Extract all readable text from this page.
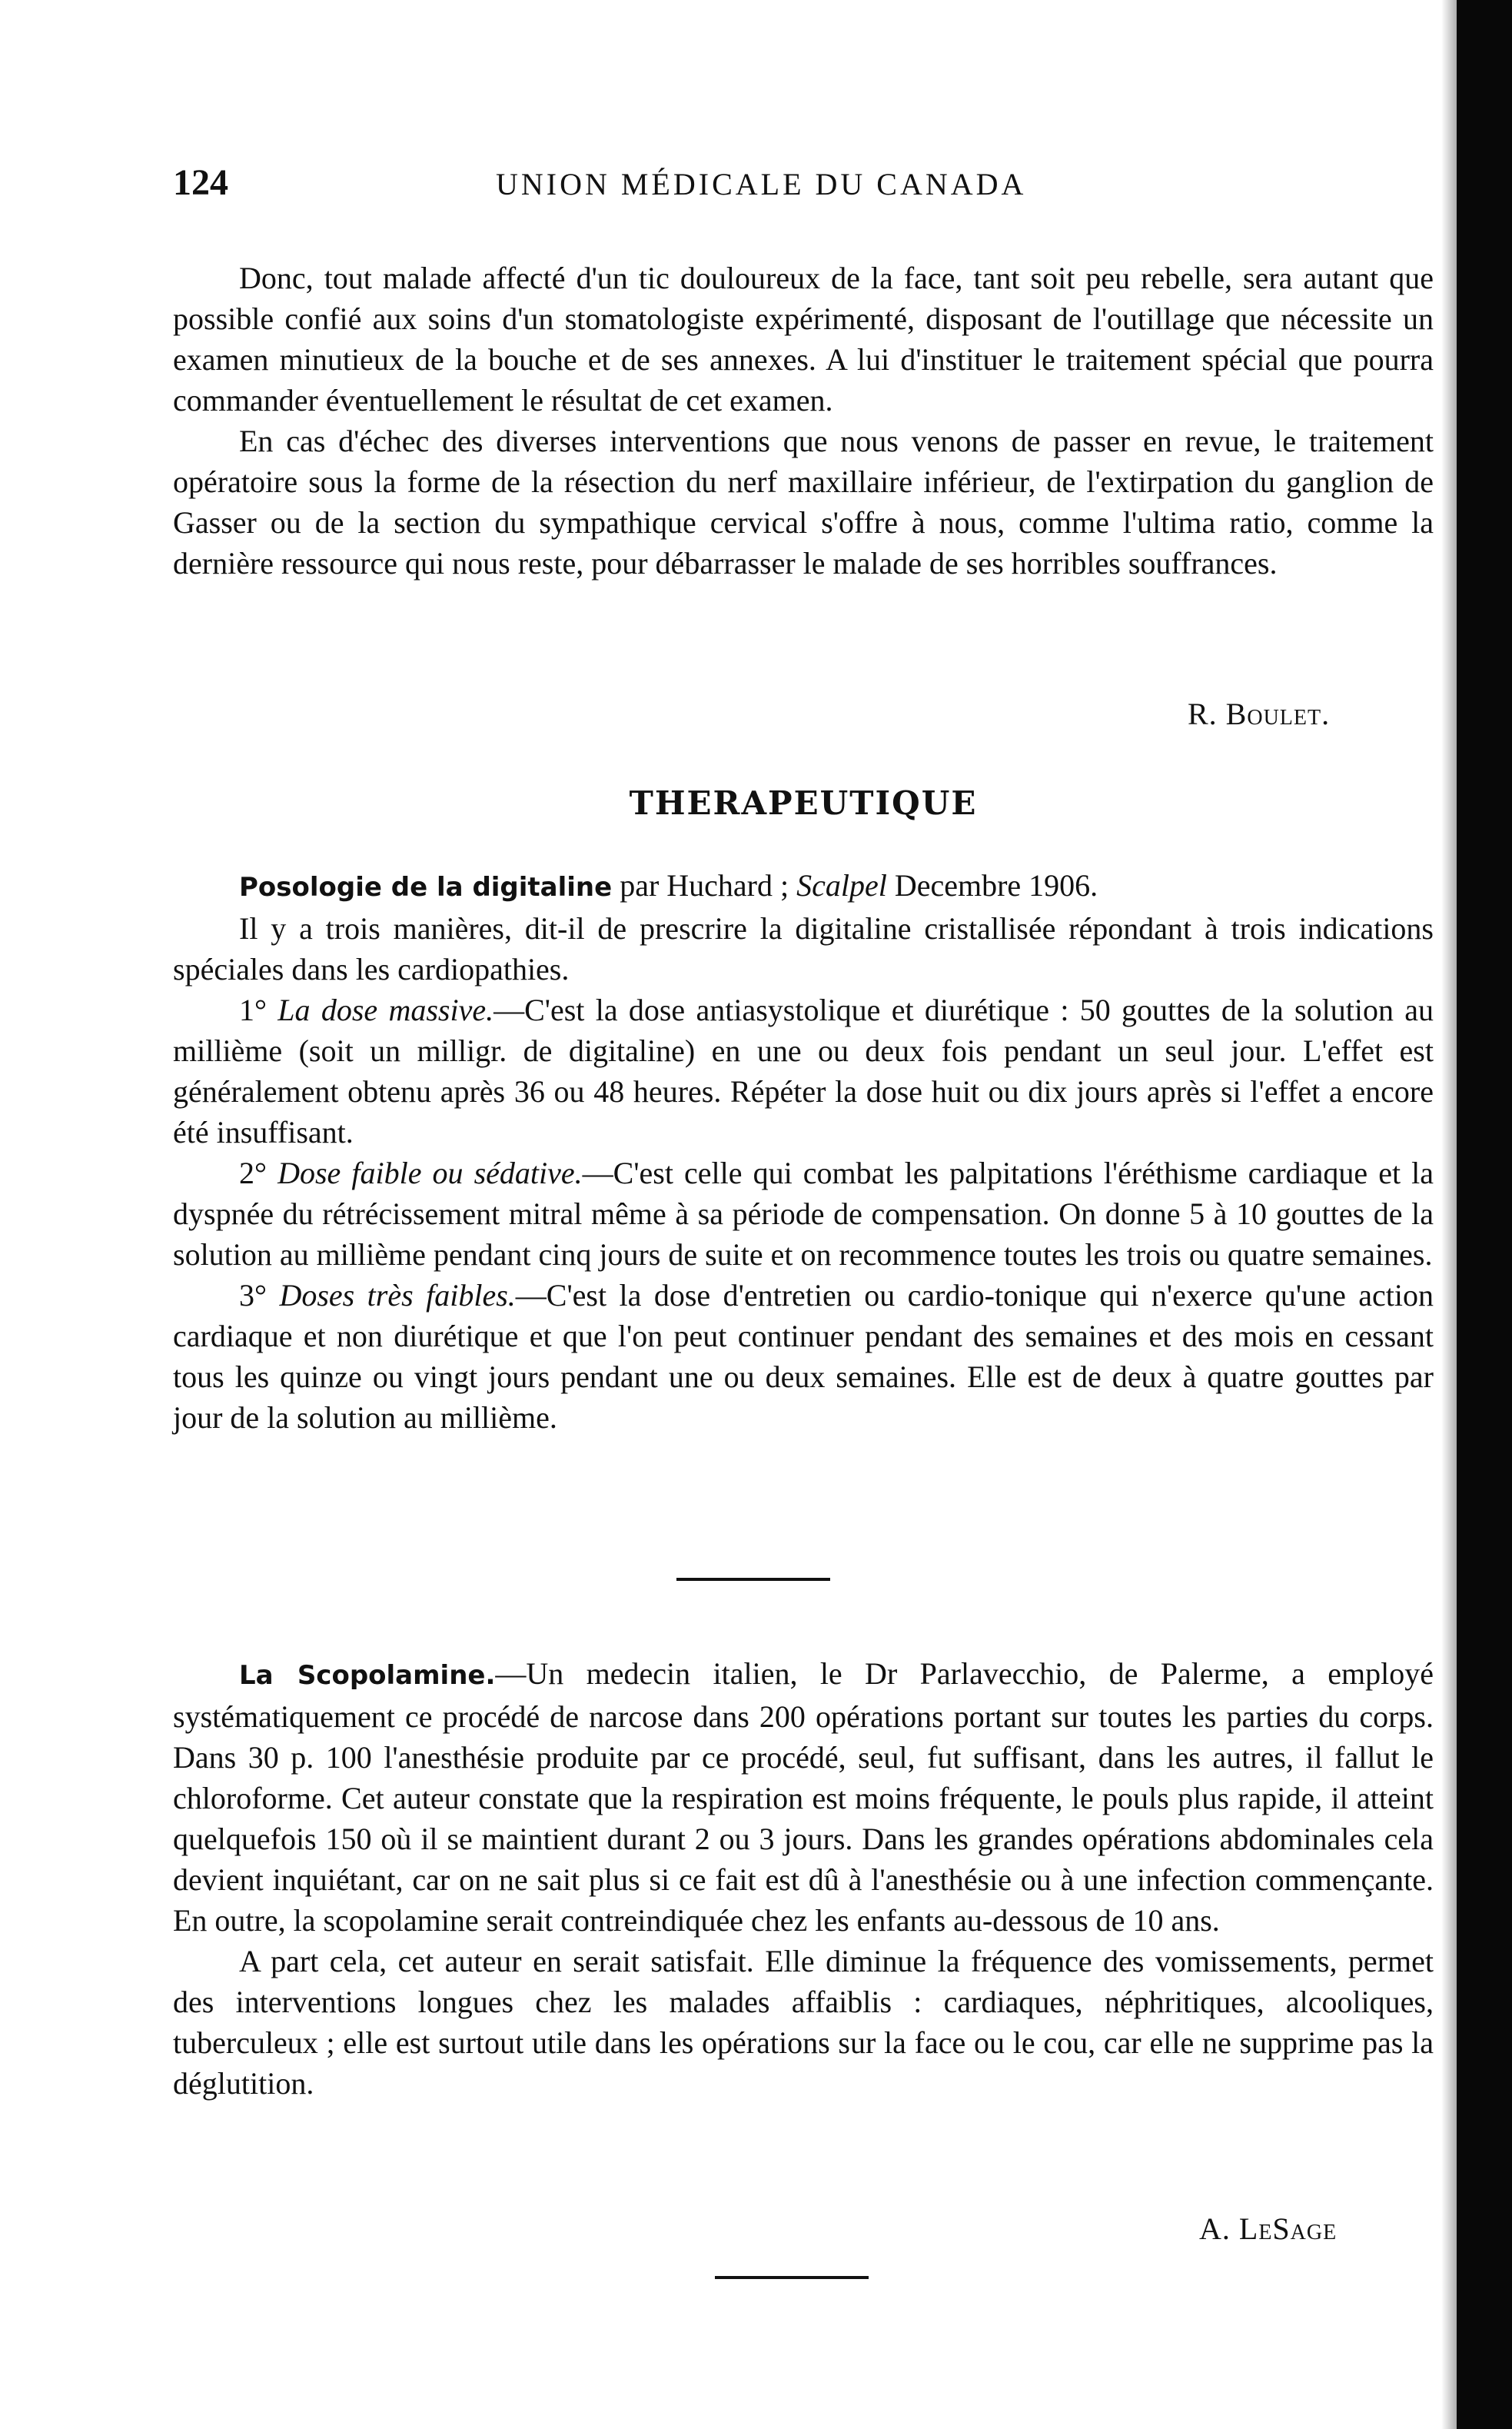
124	UNION MÉDICALE DU CANADA

Donc, tout malade affecté d'un tic douloureux de la face, tant soit peu rebelle, sera autant que possible confié aux soins d'un stomatologiste expérimenté, disposant de l'outillage que nécessite un examen minutieux de la bouche et de ses annexes. A lui d'instituer le traitement spécial que pourra commander éventuellement le résultat de cet examen.

En cas d'échec des diverses interventions que nous venons de passer en revue, le traitement opératoire sous la forme de la résection du nerf maxillaire inférieur, de l'extirpation du ganglion de Gasser ou de la section du sympathique cervical s'offre à nous, comme l'ultima ratio, comme la dernière ressource qui nous reste, pour débarrasser le malade de ses horribles souffrances.

R. Boulet.
THERAPEUTIQUE

Posologie de la digitaline par Huchard ; Scalpel Decembre 1906.

Il y a trois manières, dit-il de prescrire la digitaline cristallisée répondant à trois indications spéciales dans les cardiopathies.

1° La dose massive.—C'est la dose antiasystolique et diurétique : 50 gouttes de la solution au millième (soit un milligr. de digitaline) en une ou deux fois pendant un seul jour. L'effet est généralement obtenu après 36 ou 48 heures. Répéter la dose huit ou dix jours après si l'effet a encore été insuffisant.

2° Dose faible ou sédative.—C'est celle qui combat les palpitations l'éréthisme cardiaque et la dyspnée du rétrécissement mitral même à sa période de compensation. On donne 5 à 10 gouttes de la solution au millième pendant cinq jours de suite et on recommence toutes les trois ou quatre semaines.

3° Doses très faibles.—C'est la dose d'entretien ou cardio-tonique qui n'exerce qu'une action cardiaque et non diurétique et que l'on peut continuer pendant des semaines et des mois en cessant tous les quinze ou vingt jours pendant une ou deux semaines. Elle est de deux à quatre gouttes par jour de la solution au millième.

La Scopolamine.—Un medecin italien, le Dr Parlavecchio, de Palerme, a employé systématiquement ce procédé de narcose dans 200 opérations portant sur toutes les parties du corps. Dans 30 p. 100 l'anesthésie produite par ce procédé, seul, fut suffisant, dans les autres, il fallut le chloroforme. Cet auteur constate que la respiration est moins fréquente, le pouls plus rapide, il atteint quelquefois 150 où il se maintient durant 2 ou 3 jours. Dans les grandes opérations abdominales cela devient inquiétant, car on ne sait plus si ce fait est dû à l'anesthésie ou à une infection commençante. En outre, la scopolamine serait contreindiquée chez les enfants au-dessous de 10 ans.

A part cela, cet auteur en serait satisfait. Elle diminue la fréquence des vomissements, permet des interventions longues chez les malades affaiblis : cardiaques, néphritiques, alcooliques, tuberculeux ; elle est surtout utile dans les opérations sur la face ou le cou, car elle ne supprime pas la déglutition.

A. LeSage
